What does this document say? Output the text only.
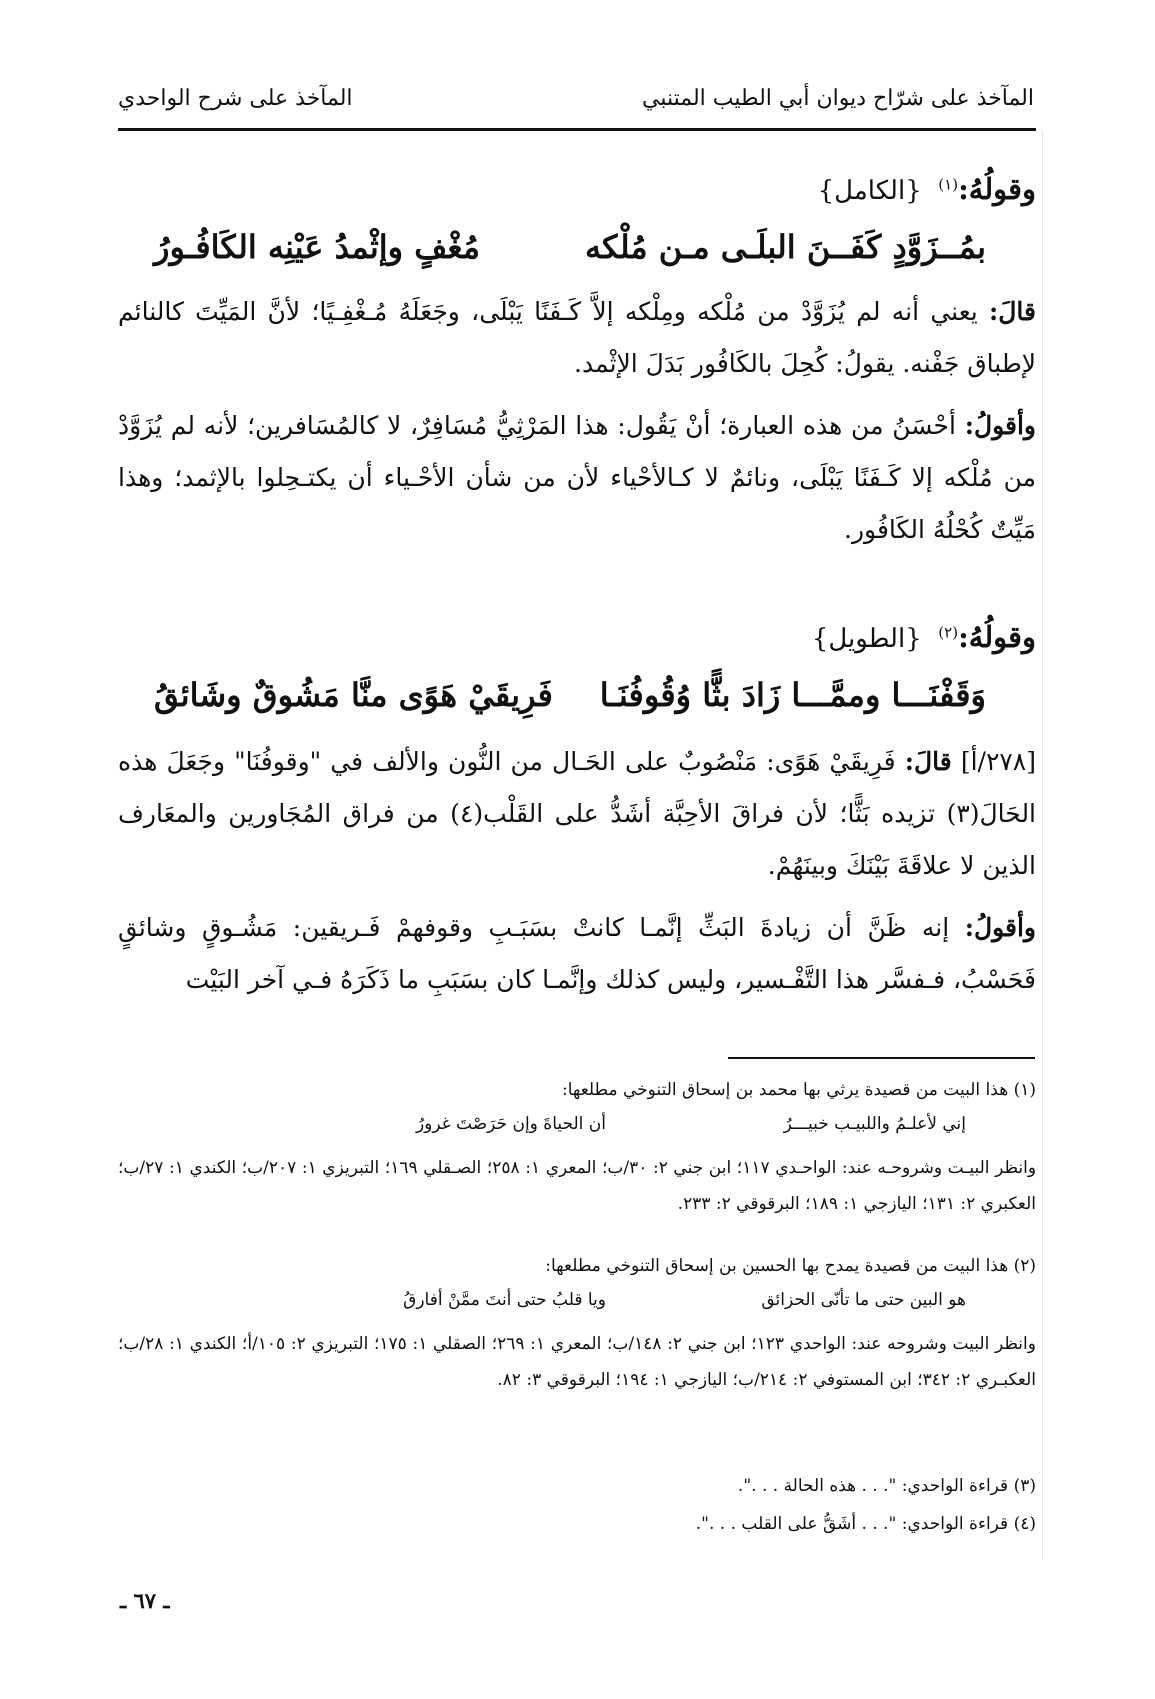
المآخذ على شرّاح ديوان أبي الطيب المتنبي
المآخذ على شرح الواحدي
وقولُهُ:$^{(١)}$  {الكامل}
بمُــزَوَّدٍ كَفَــنَ البلَـى مـن مُلْكه
مُغْفٍ وإثْمدُ عَيْنِه الكَافُـورُ
قالَ: يعني أنه لم يُزَوَّدْ من مُلْكه ومِلْكه إلاَّ كَـفَنًا يَبْلَى، وجَعَلَهُ مُـغْفِـيًا؛ لأنَّ المَيِّتَ كالنائم لإطباق جَفْنه. يقولُ: كُحِلَ بالكَافُور بَدَلَ الإثْمد.
وأقولُ: أحْسَنُ من هذه العبارة؛ أنْ يَقُول: هذا المَرْثِيُّ مُسَافِرٌ، لا كالمُسَافرين؛ لأنه لم يُزَوَّدْ من مُلْكه إلا كَـفَنًا يَبْلَى، ونائمٌ لا كـالأحْياء لأن من شأن الأحْـياء أن يكتـحِلوا بالإثمد؛ وهذا مَيِّتٌ كُحْلُهُ الكَافُور.
وقولُهُ:$^{(٢)}$  {الطويل}
وَقَفْنَـــا وممَّـــا زَادَ بثًّا وُقُوفُنَـا
فَرِيقَيْ هَوًى منَّا مَشُوقٌ وشَائقُ
[٢٧٨/أ] قالَ: فَرِيقَيْ هَوًى: مَنْصُوبٌ على الحَـال من النُّون والألف في "وقوفُنَا" وجَعَلَ هذه الحَالَ(٣) تزيده بَثًّا؛ لأن فراقَ الأحِبَّة أشَدُّ على القَلْب(٤) من فراق المُجَاورين والمعَارف الذين لا علاقَةَ بَيْنَكَ وبينَهُمْ.
وأقولُ: إنه ظَنَّ أن زيادةَ البَثِّ إنَّمـا كانتْ بسَبَـبِ وقوفهمْ فَـريقين: مَشُـوقٍ وشائقٍ فَحَسْبُ، فـفسَّر هذا التَّفْـسير، وليس كذلك وإنَّمـا كان بسَبَبِ ما ذَكَرَهُ فـي آخر البَيْت
(١) هذا البيت من قصيدة يرثي بها محمد بن إسحاق التنوخي مطلعها:
إني لأعلـمُ واللبيـب خبيـــرُ
أن الحياةَ وإن حَرَصْتَ غرورُ
وانظر البيـت وشروحـه عند: الواحـدي ١١٧؛ ابن جني ٢: ٣٠/ب؛ المعري ١: ٢٥٨؛ الصـقلي ١٦٩؛ التبريزي ١: ٢٠٧/ب؛ الكندي ١: ٢٧/ب؛ العكبري ٢: ١٣١؛ اليازجي ١: ١٨٩؛ البرقوقي ٢: ٢٣٣.
(٢) هذا البيت من قصيدة يمدح بها الحسين بن إسحاق التنوخي مطلعها:
هو البين حتى ما تأنّى الحزائق
ويا قلبُ حتى أنتَ ممَّنْ أفارقُ
وانظر البيت وشروحه عند: الواحدي ١٢٣؛ ابن جني ٢: ١٤٨/ب؛ المعري ١: ٢٦٩؛ الصقلي ١: ١٧٥؛ التبريزي ٢: ١٠٥/أ؛ الكندي ١: ٢٨/ب؛ العكبـري ٢: ٣٤٢؛ ابن المستوفي ٢: ٢١٤/ب؛ اليازجي ١: ١٩٤؛ البرقوقي ٣: ٨٢.
(٣) قراءة الواحدي: ". . . هذه الحالة . . .".
(٤) قراءة الواحدي: ". . . أشَقُّ على القلب . . .".
ـ ٦٧ ـ
